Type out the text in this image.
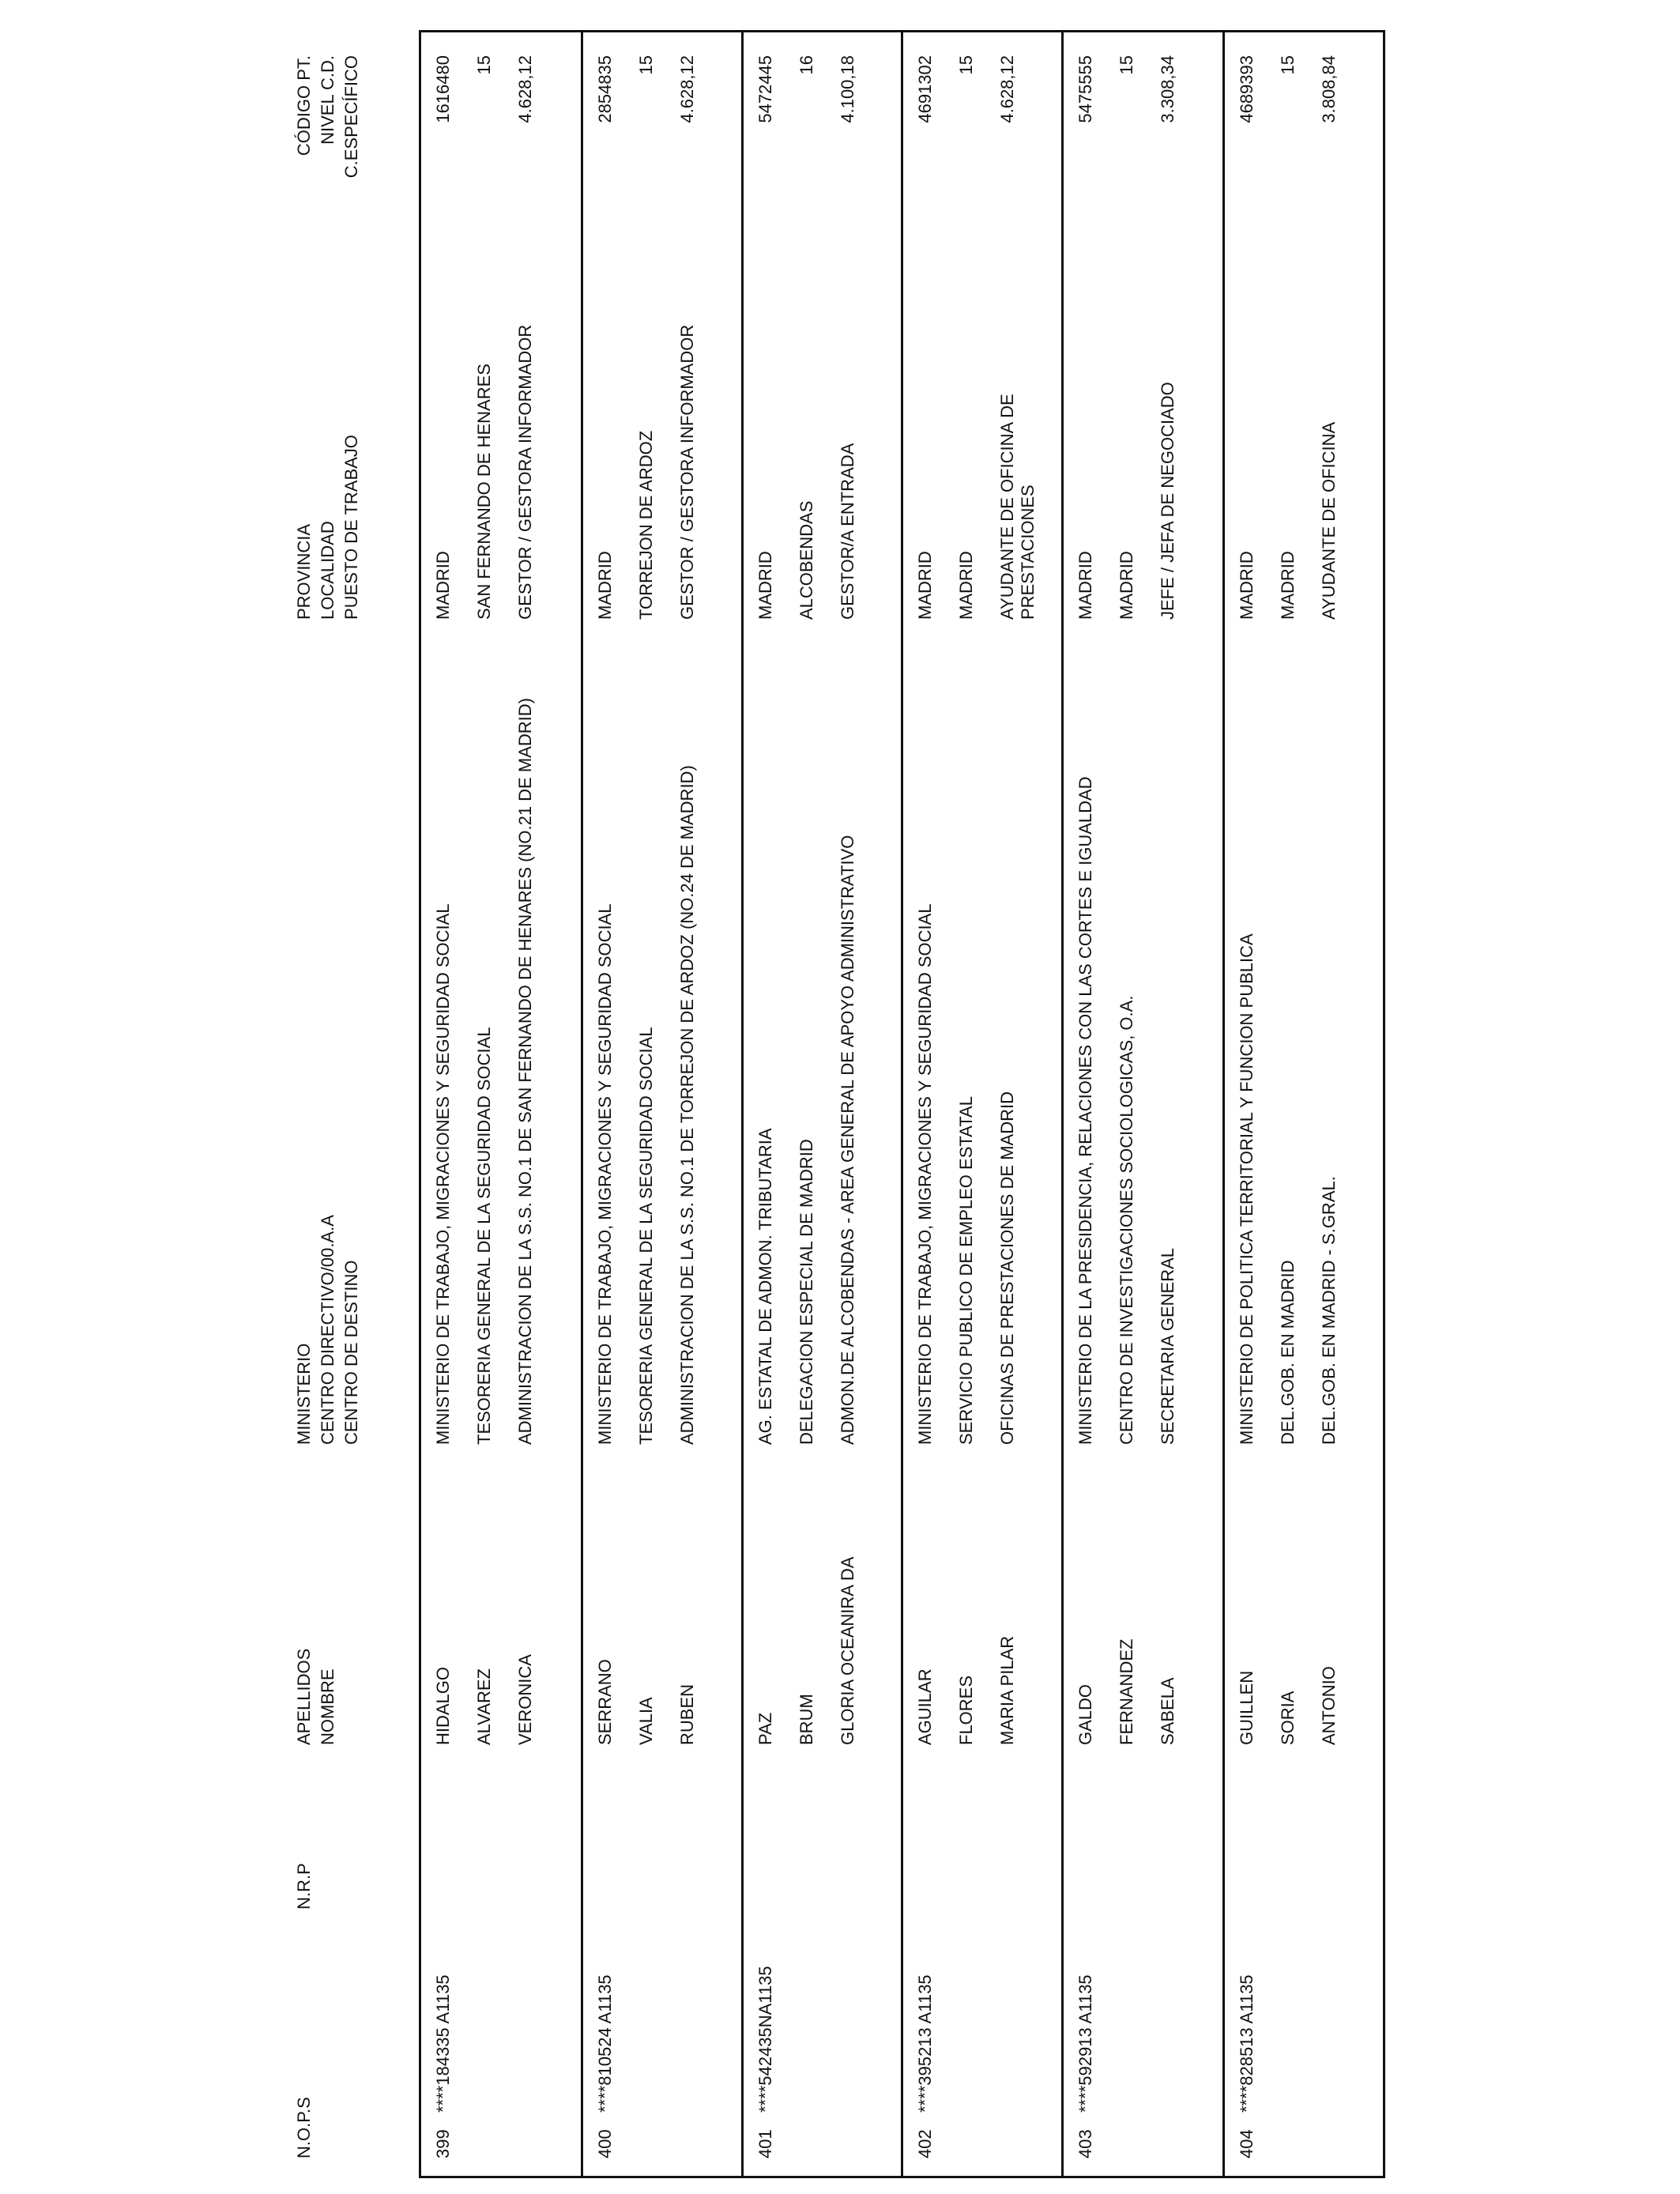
N.O.P.S
N.R.P
APELLIDOS NOMBRE
MINISTERIO CENTRO DIRECTIVO/00.A.A CENTRO DE DESTINO
PROVINCIA LOCALIDAD PUESTO DE TRABAJO
CÓDIGO PT. NIVEL C.D. C.ESPECÍFICO
399
****184335 A1135
HIDALGO ALVAREZ VERONICA
MINISTERIO DE TRABAJO, MIGRACIONES Y SEGURIDAD SOCIAL TESORERIA GENERAL DE LA SEGURIDAD SOCIAL ADMINISTRACION DE LA S.S. NO.1 DE SAN FERNANDO DE HENARES (NO.21 DE MADRID)
MADRID SAN FERNANDO DE HENARES GESTOR / GESTORA INFORMADOR
1616480 15 4.628,12
400
****810524 A1135
SERRANO VALIA RUBEN
MINISTERIO DE TRABAJO, MIGRACIONES Y SEGURIDAD SOCIAL TESORERIA GENERAL DE LA SEGURIDAD SOCIAL ADMINISTRACION DE LA S.S. NO.1 DE TORREJON DE ARDOZ (NO.24 DE MADRID)
MADRID TORREJON DE ARDOZ GESTOR / GESTORA INFORMADOR
2854835 15 4.628,12
401
****542435NA1135
PAZ BRUM GLORIA OCEANIRA DA
AG. ESTATAL DE ADMON. TRIBUTARIA DELEGACION ESPECIAL DE MADRID ADMON.DE ALCOBENDAS - AREA GENERAL DE APOYO ADMINISTRATIVO
MADRID ALCOBENDAS GESTOR/A ENTRADA
5472445 16 4.100,18
402
****395213 A1135
AGUILAR FLORES MARIA PILAR
MINISTERIO DE TRABAJO, MIGRACIONES Y SEGURIDAD SOCIAL SERVICIO PUBLICO DE EMPLEO ESTATAL OFICINAS DE PRESTACIONES DE MADRID
MADRID MADRID AYUDANTE DE OFICINA DE PRESTACIONES
4691302 15 4.628,12
403
****592913 A1135
GALDO FERNANDEZ SABELA
MINISTERIO DE LA PRESIDENCIA, RELACIONES CON LAS CORTES E IGUALDAD CENTRO DE INVESTIGACIONES SOCIOLOGICAS, O.A. SECRETARIA GENERAL
MADRID MADRID JEFE / JEFA DE NEGOCIADO
5475555 15 3.308,34
404
****828513 A1135
GUILLEN SORIA ANTONIO
MINISTERIO DE POLITICA TERRITORIAL Y FUNCION PUBLICA DEL.GOB. EN MADRID DEL.GOB. EN MADRID - S.GRAL.
MADRID MADRID AYUDANTE DE OFICINA
4689393 15 3.808,84
